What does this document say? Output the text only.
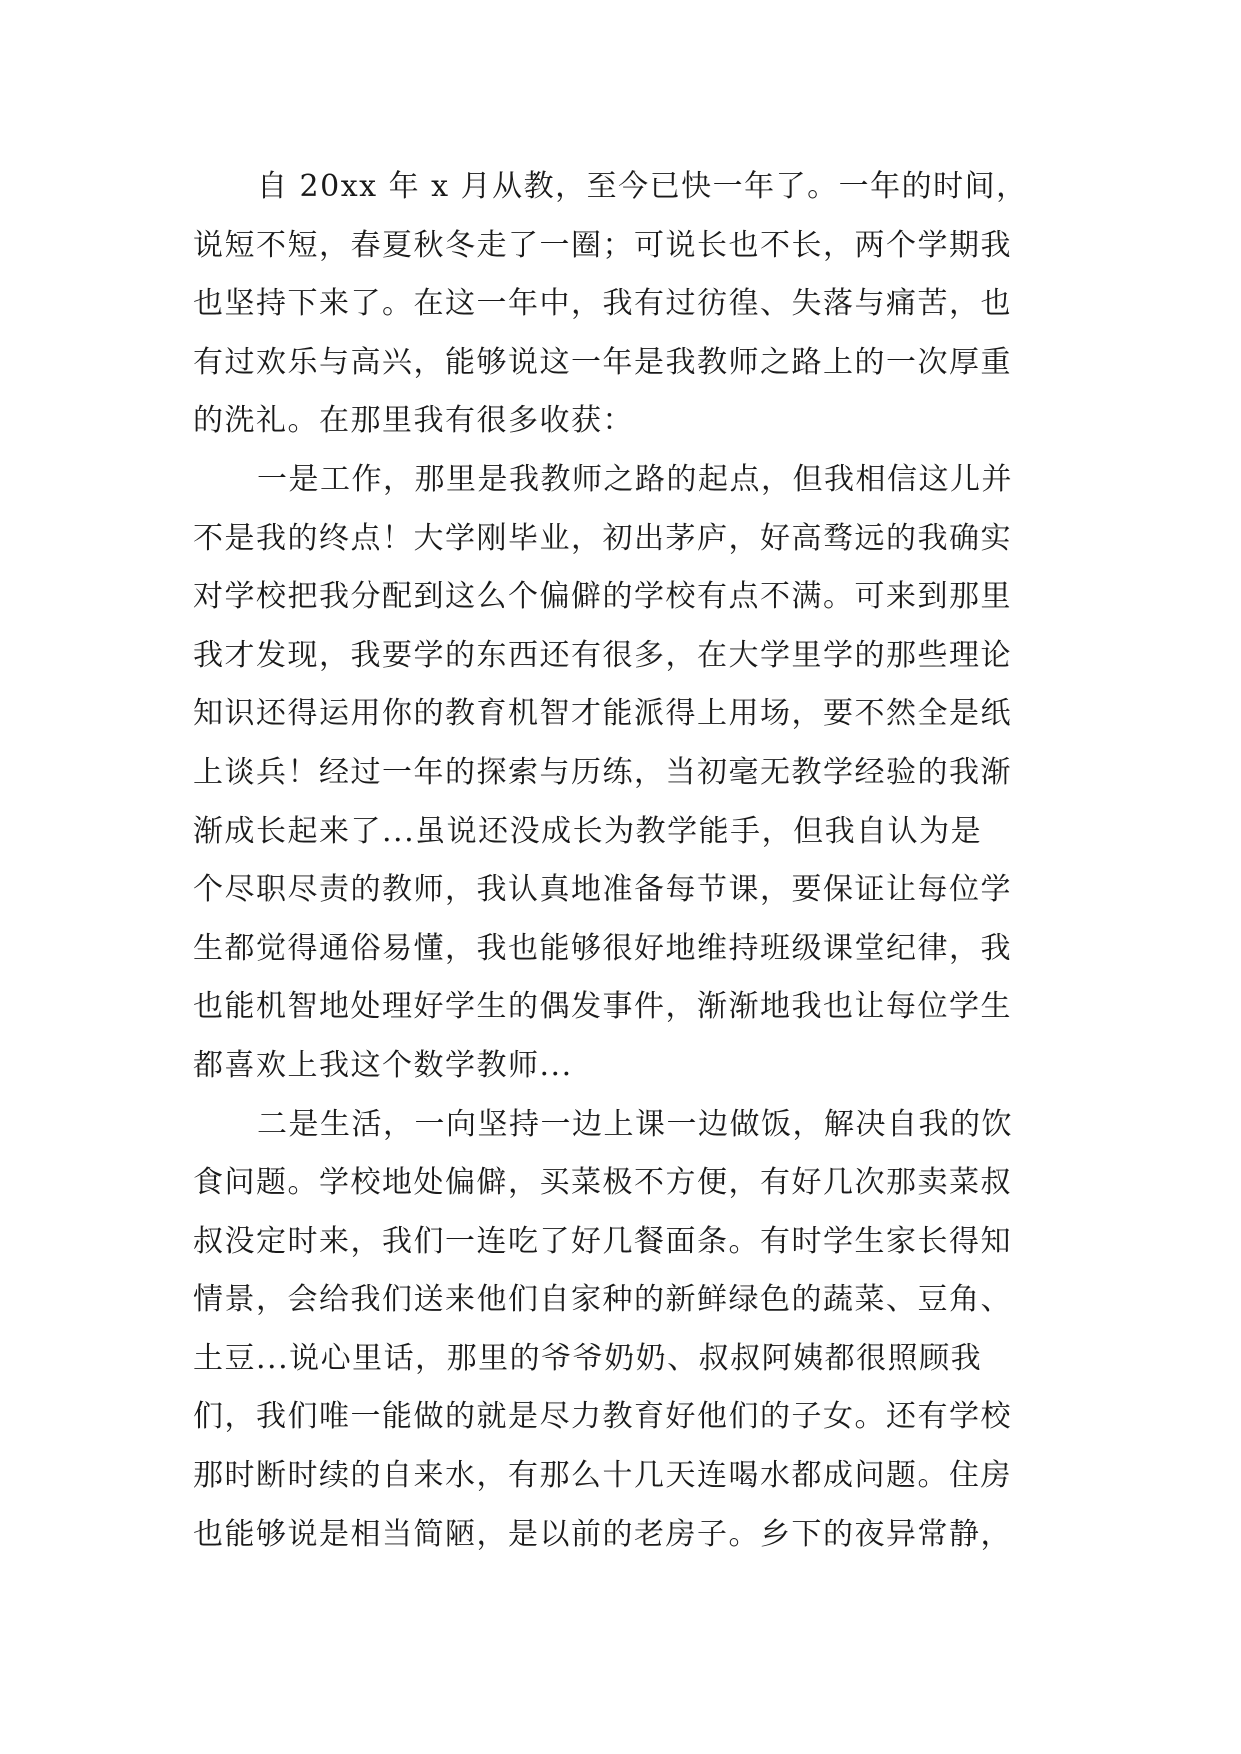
自 20xx 年 x 月从教，至今已快一年了。一年的时间，
说短不短，春夏秋冬走了一圈；可说长也不长，两个学期我
也坚持下来了。在这一年中，我有过彷徨、失落与痛苦，也
有过欢乐与高兴，能够说这一年是我教师之路上的一次厚重
的洗礼。在那里我有很多收获：
一是工作，那里是我教师之路的起点，但我相信这儿并
不是我的终点！大学刚毕业，初出茅庐，好高骛远的我确实
对学校把我分配到这么个偏僻的学校有点不满。可来到那里
我才发现，我要学的东西还有很多，在大学里学的那些理论
知识还得运用你的教育机智才能派得上用场，要不然全是纸
上谈兵！经过一年的探索与历练，当初毫无教学经验的我渐
渐成长起来了...虽说还没成长为教学能手，但我自认为是
个尽职尽责的教师，我认真地准备每节课，要保证让每位学
生都觉得通俗易懂，我也能够很好地维持班级课堂纪律，我
也能机智地处理好学生的偶发事件，渐渐地我也让每位学生
都喜欢上我这个数学教师...
二是生活，一向坚持一边上课一边做饭，解决自我的饮
食问题。学校地处偏僻，买菜极不方便，有好几次那卖菜叔
叔没定时来，我们一连吃了好几餐面条。有时学生家长得知
情景，会给我们送来他们自家种的新鲜绿色的蔬菜、豆角、
土豆...说心里话，那里的爷爷奶奶、叔叔阿姨都很照顾我
们，我们唯一能做的就是尽力教育好他们的子女。还有学校
那时断时续的自来水，有那么十几天连喝水都成问题。住房
也能够说是相当简陋，是以前的老房子。乡下的夜异常静，
